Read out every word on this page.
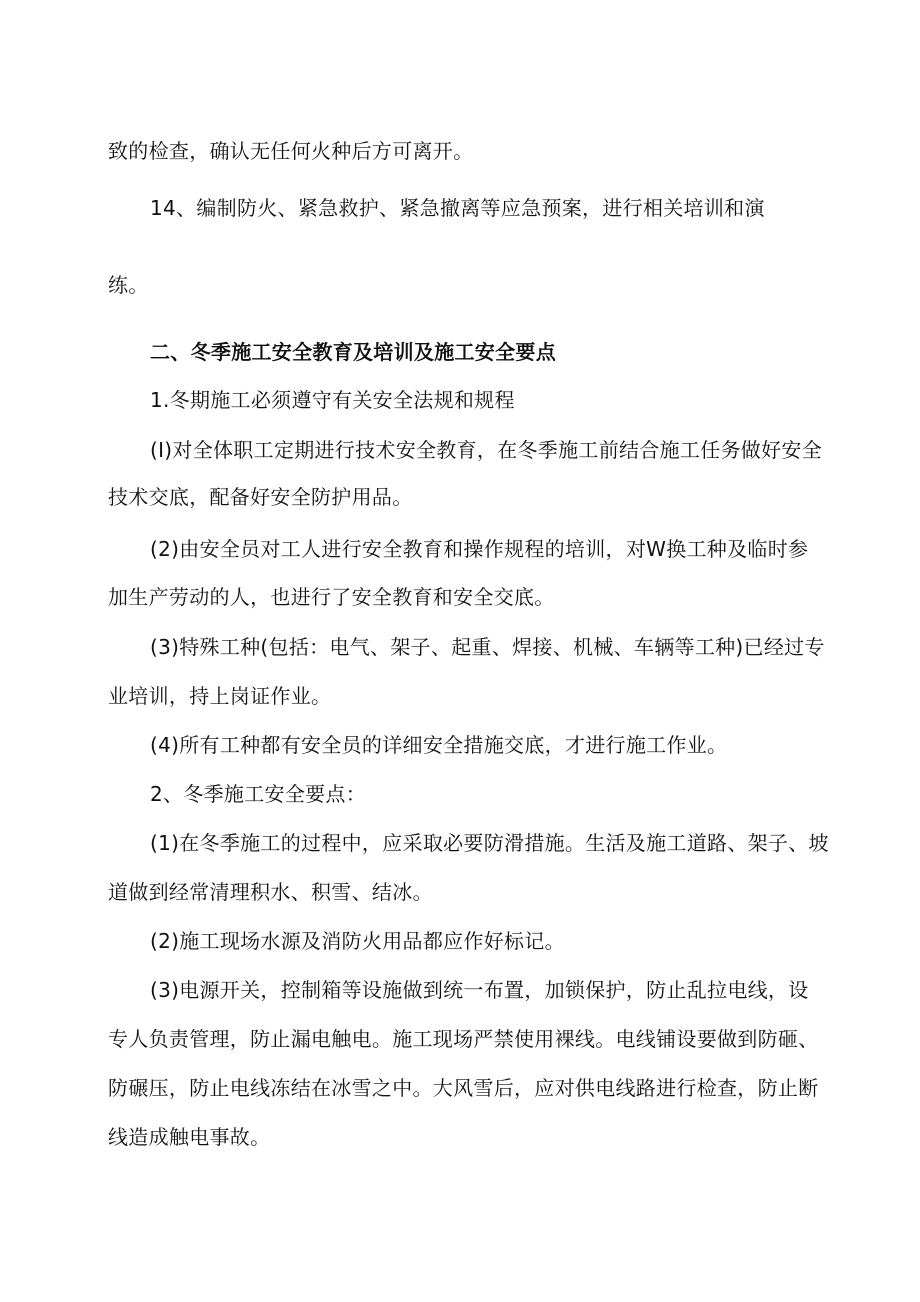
致的检查，确认无任何火种后方可离开。
14、编制防火、紧急救护、紧急撤离等应急预案，进行相关培训和演
练。
二、冬季施工安全教育及培训及施工安全要点
1.冬期施工必须遵守有关安全法规和规程
(I)对全体职工定期进行技术安全教育，在冬季施工前结合施工任务做好安全
技术交底，配备好安全防护用品。
(2)由安全员对工人进行安全教育和操作规程的培训，对W换工种及临时参
加生产劳动的人，也进行了安全教育和安全交底。
(3)特殊工种(包括：电气、架子、起重、焊接、机械、车辆等工种)已经过专
业培训，持上岗证作业。
(4)所有工种都有安全员的详细安全措施交底，才进行施工作业。
2、冬季施工安全要点：
(1)在冬季施工的过程中，应采取必要防滑措施。生活及施工道路、架子、坡
道做到经常清理积水、积雪、结冰。
(2)施工现场水源及消防火用品都应作好标记。
(3)电源开关，控制箱等设施做到统一布置，加锁保护，防止乱拉电线，设
专人负责管理，防止漏电触电。施工现场严禁使用裸线。电线铺设要做到防砸、
防碾压，防止电线冻结在冰雪之中。大风雪后，应对供电线路进行检查，防止断
线造成触电事故。
